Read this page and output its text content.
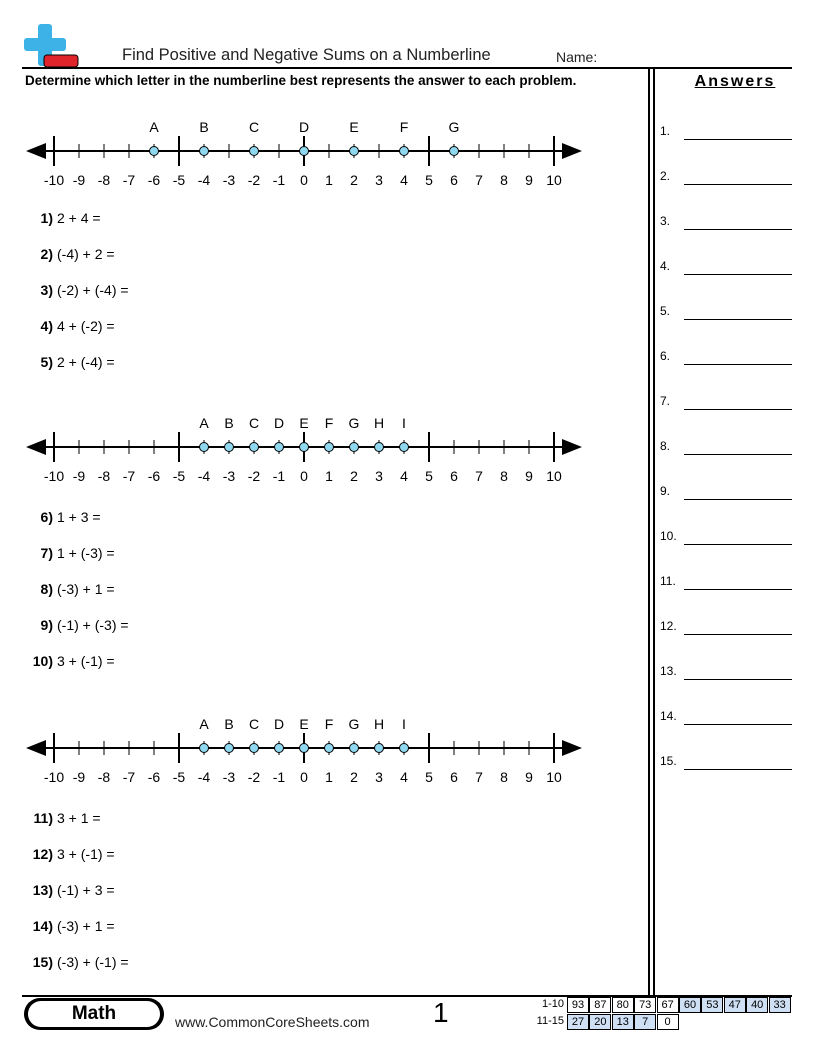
Find Positive and Negative Sums on a Numberline	Name:
Determine which letter in the numberline best represents the answer to each problem.	Answers
1.
2.
3.
4.
5.
6.
7.
8.
9.
10.
11.
12.
13.
14.
15.
-10 -9 -8 -7 -6 -5 -4 -3 -2 -1 0 1 2 3 4 5 6 7 8 9 10
A	B	C	D	E	F	G
-10 -9 -8 -7 -6 -5 -4 -3 -2 -1 0 1 2 3 4 5 6 7 8 9 10
A B C D E F G H I
-10 -9 -8 -7 -6 -5 -4 -3 -2 -1 0 1 2 3 4 5 6 7 8 9 10
A B C D E F G H I
1) 2 + 4 =
2) (-4) + 2 =
3) (-2) + (-4) =
4) 4 + (-2) =
5) 2 + (-4) =
6) 1 + 3 =
7) 1 + (-3) =
8) (-3) + 1 =
9) (-1) + (-3) =
10) 3 + (-1) =
11) 3 + 1 =
12) 3 + (-1) =
13) (-1) + 3 =
14) (-3) + 1 =
15) (-3) + (-1) =
Math	www.CommonCoreSheets.com 1	1-10 93 87 80 73 67 60 53 47 40 33
11-15 27 20 13	7	0
